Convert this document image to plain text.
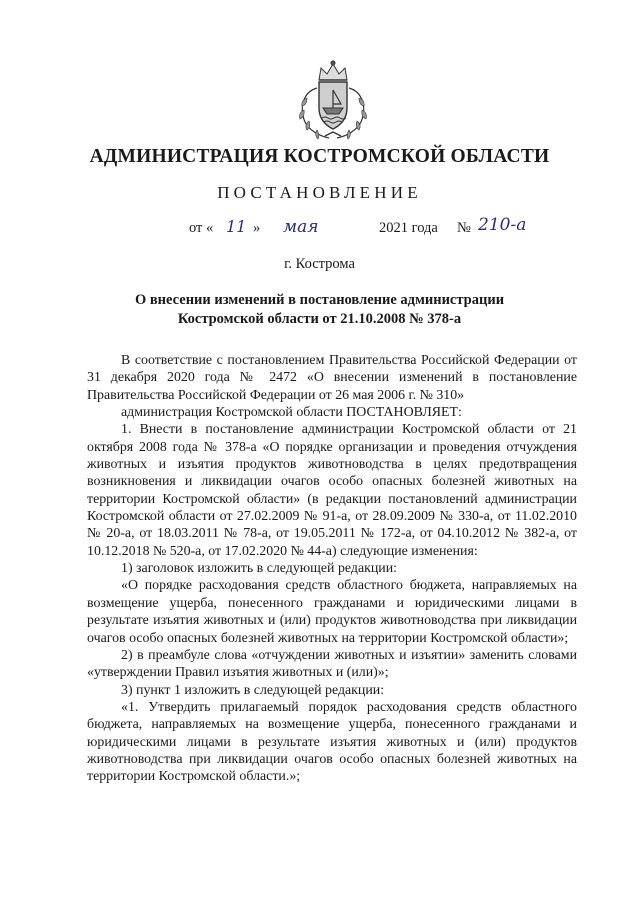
АДМИНИСТРАЦИЯ КОСТРОМСКОЙ ОБЛАСТИ
ПОСТАНОВЛЕНИЕ
от « 11 » мая	2021 года № 210-а
г. Кострома
О внесении изменений в постановление администрации
Костромской области от 21.10.2008 № 378-а

В соответствие с постановлением Правительства Российской Федерации от 31 декабря 2020 года № 2472 «О внесении изменений в постановление Правительства Российской Федерации от 26 мая 2006 г. № 310»

администрация Костромской области ПОСТАНОВЛЯЕТ:

1. Внести в постановление администрации Костромской области от 21 октября 2008 года № 378-а «О порядке организации и проведения отчуждения животных и изъятия продуктов животноводства в целях предотвращения возникновения и ликвидации очагов особо опасных болезней животных на территории Костромской области» (в редакции постановлений администрации Костромской области от 27.02.2009 № 91-а, от 28.09.2009 № 330-а, от 11.02.2010 № 20-а, от 18.03.2011 № 78-а, от 19.05.2011 № 172-а, от 04.10.2012 № 382-а, от 10.12.2018 № 520-а, от 17.02.2020 № 44-а) следующие изменения:

1) заголовок изложить в следующей редакции:

«О порядке расходования средств областного бюджета, направляемых на возмещение ущерба, понесенного гражданами и юридическими лицами в результате изъятия животных и (или) продуктов животноводства при ликвидации очагов особо опасных болезней животных на территории Костромской области»;

2) в преамбуле слова «отчуждении животных и изъятии» заменить словами «утверждении Правил изъятия животных и (или)»;

3) пункт 1 изложить в следующей редакции:

«1. Утвердить прилагаемый порядок расходования средств областного бюджета, направляемых на возмещение ущерба, понесенного гражданами и юридическими лицами в результате изъятия животных и (или) продуктов животноводства при ликвидации очагов особо опасных болезней животных на территории Костромской области.»;
